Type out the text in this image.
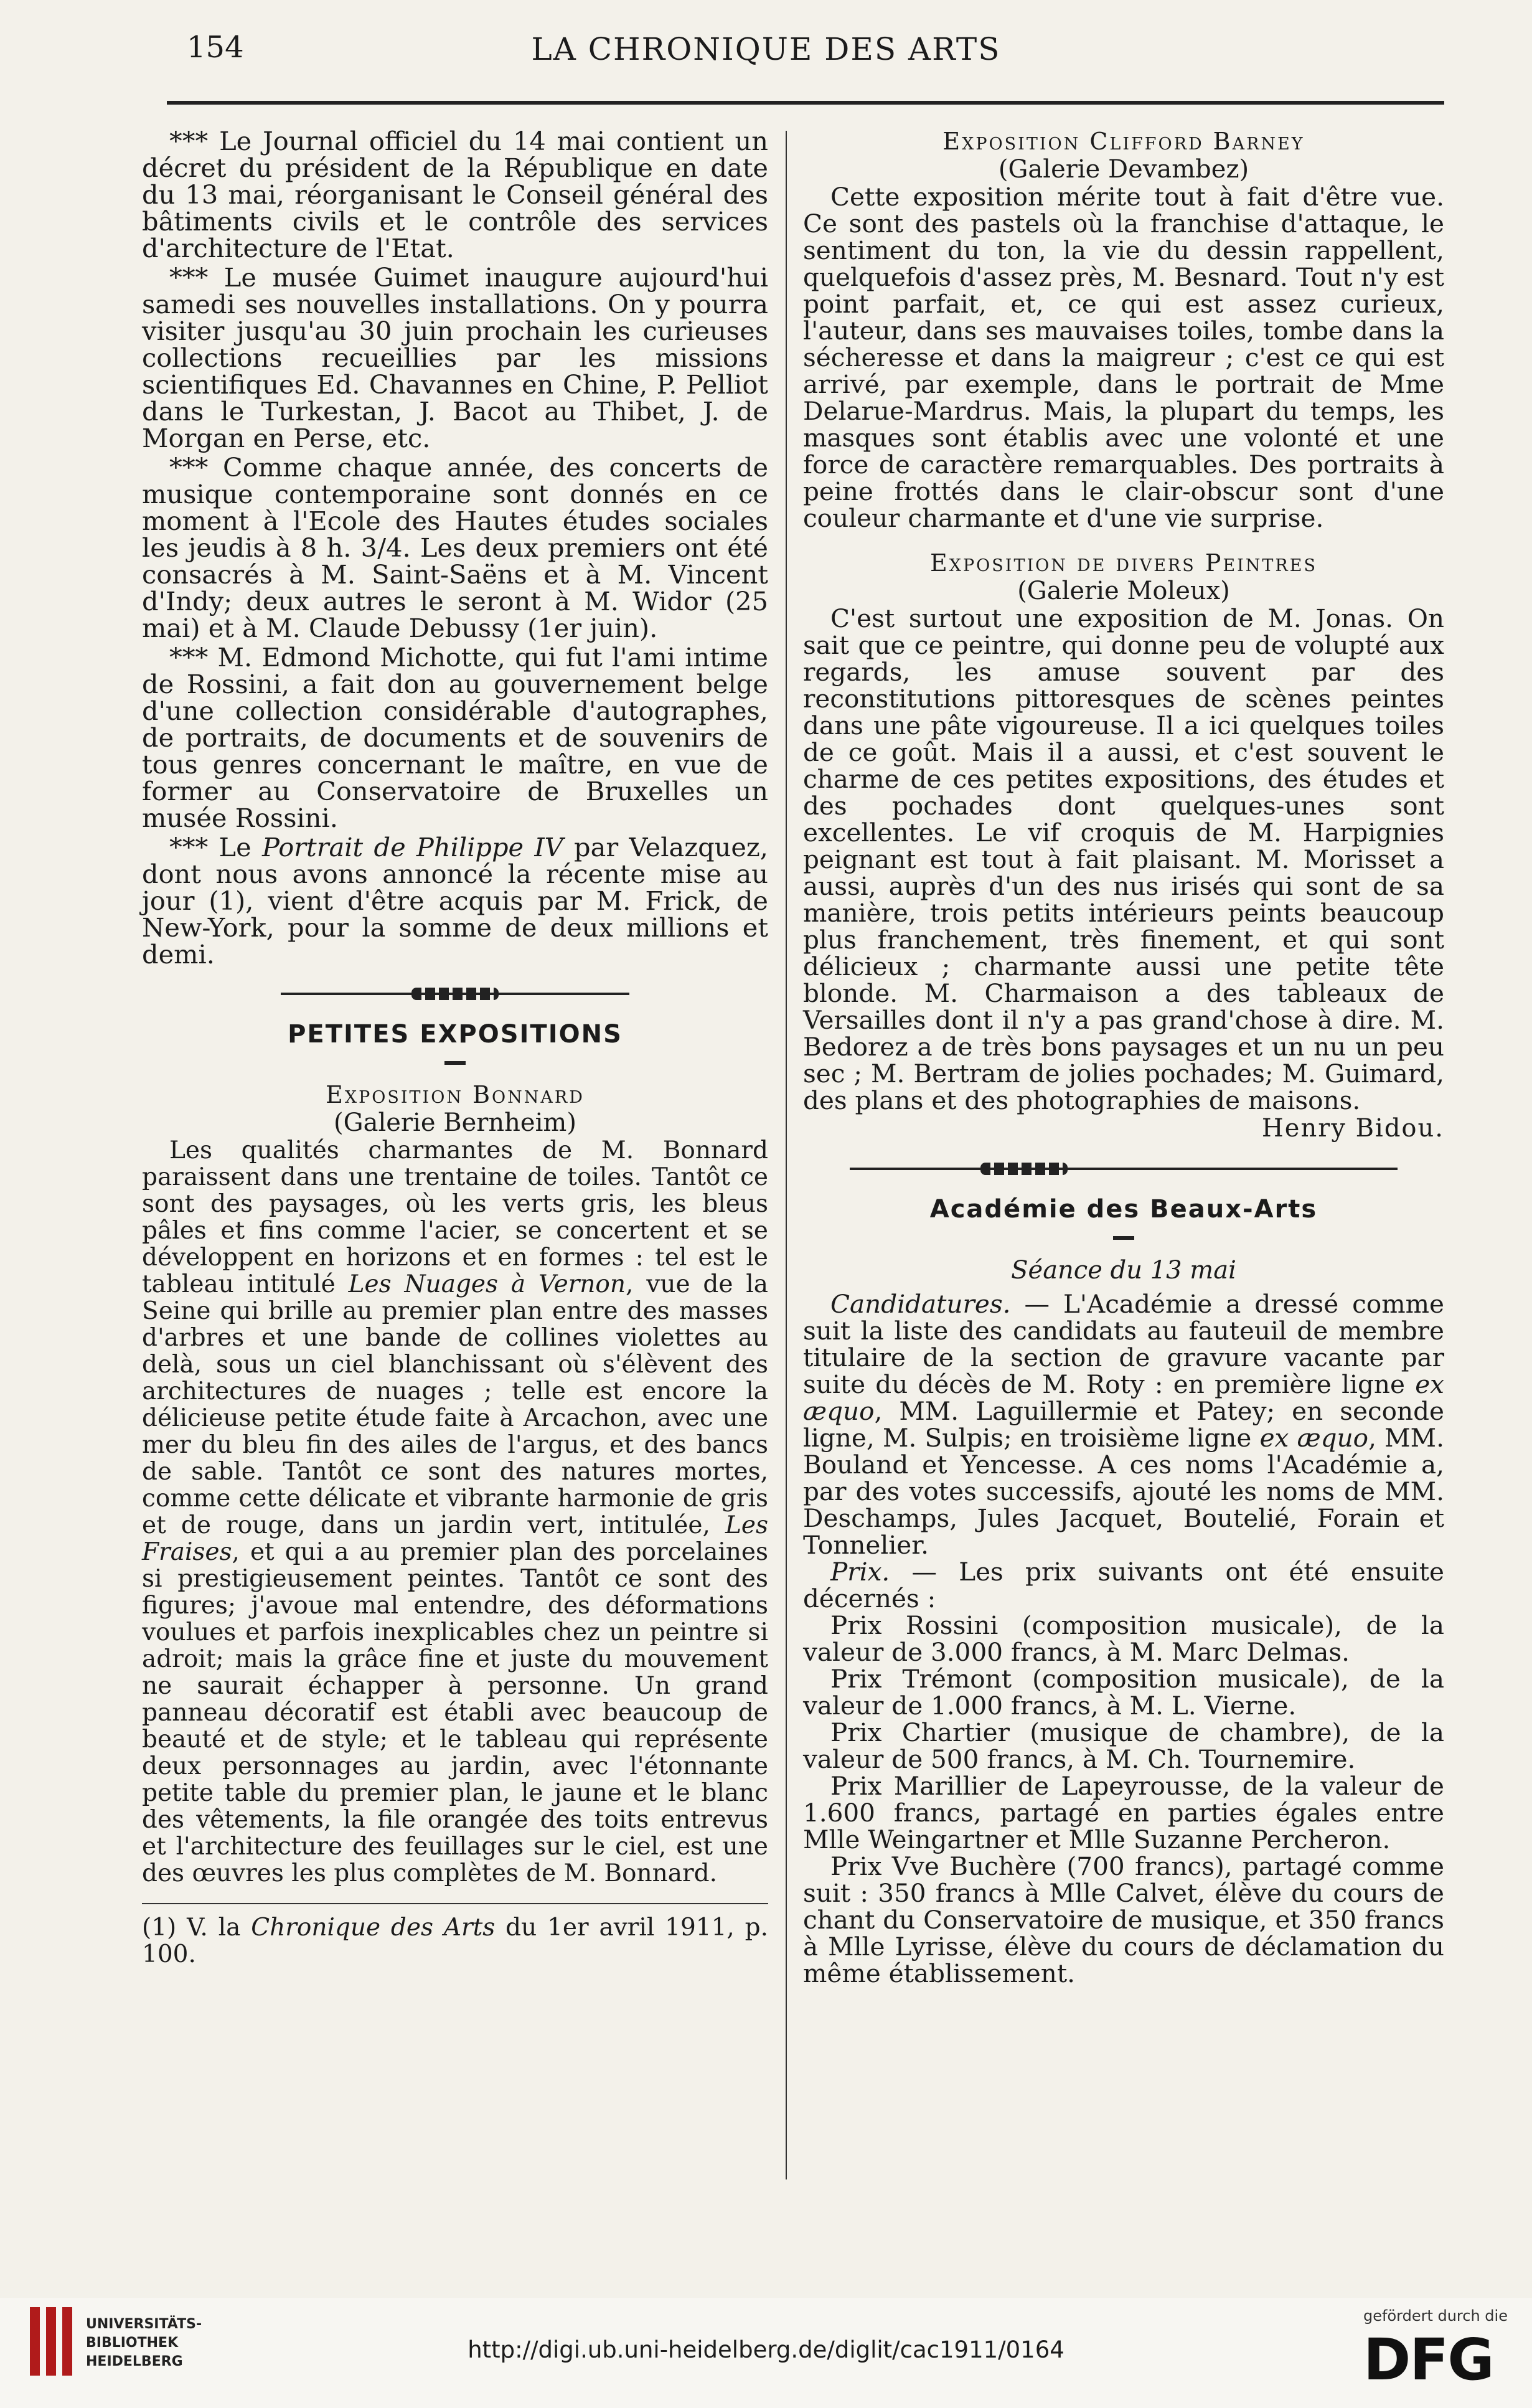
154	LA CHRONIQUE DES ARTS

*** Le Journal officiel du 14 mai contient un décret du président de la République en date du 13 mai, réorganisant le Conseil général des bâtiments civils et le contrôle des services d'architecture de l'Etat.

*** Le musée Guimet inaugure aujourd'hui samedi ses nouvelles installations. On y pourra visiter jusqu'au 30 juin prochain les curieuses collections recueillies par les missions scientifiques Ed. Chavannes en Chine, P. Pelliot dans le Turkestan, J. Bacot au Thibet, J. de Morgan en Perse, etc.

*** Comme chaque année, des concerts de musique contemporaine sont donnés en ce moment à l'Ecole des Hautes études sociales les jeudis à 8 h. 3/4. Les deux premiers ont été consacrés à M. Saint-Saëns et à M. Vincent d'Indy; deux autres le seront à M. Widor (25 mai) et à M. Claude Debussy (1er juin).

*** M. Edmond Michotte, qui fut l'ami intime de Rossini, a fait don au gouvernement belge d'une collection considérable d'autographes, de portraits, de documents et de souvenirs de tous genres concernant le maître, en vue de former au Conservatoire de Bruxelles un musée Rossini.

*** Le Portrait de Philippe IV par Velazquez, dont nous avons annoncé la récente mise au jour (1), vient d'être acquis par M. Frick, de New-York, pour la somme de deux millions et demi.

PETITES EXPOSITIONS
Exposition Bonnard
(Galerie Bernheim)

Les qualités charmantes de M. Bonnard paraissent dans une trentaine de toiles. Tantôt ce sont des paysages, où les verts gris, les bleus pâles et fins comme l'acier, se concertent et se développent en horizons et en formes : tel est le tableau intitulé Les Nuages à Vernon, vue de la Seine qui brille au premier plan entre des masses d'arbres et une bande de collines violettes au delà, sous un ciel blanchissant où s'élèvent des architectures de nuages ; telle est encore la délicieuse petite étude faite à Arcachon, avec une mer du bleu fin des ailes de l'argus, et des bancs de sable. Tantôt ce sont des natures mortes, comme cette délicate et vibrante harmonie de gris et de rouge, dans un jardin vert, intitulée, Les Fraises, et qui a au premier plan des porcelaines si prestigieusement peintes. Tantôt ce sont des figures; j'avoue mal entendre, des déformations voulues et parfois inexplicables chez un peintre si adroit; mais la grâce fine et juste du mouvement ne saurait échapper à personne. Un grand panneau décoratif est établi avec beaucoup de beauté et de style; et le tableau qui représente deux personnages au jardin, avec l'étonnante petite table du premier plan, le jaune et le blanc des vêtements, la file orangée des toits entrevus et l'architecture des feuillages sur le ciel, est une des œuvres les plus complètes de M. Bonnard.

(1) V. la Chronique des Arts du 1er avril 1911, p. 100.

Exposition Clifford Barney
(Galerie Devambez)

Cette exposition mérite tout à fait d'être vue. Ce sont des pastels où la franchise d'attaque, le sentiment du ton, la vie du dessin rappellent, quelquefois d'assez près, M. Besnard. Tout n'y est point parfait, et, ce qui est assez curieux, l'auteur, dans ses mauvaises toiles, tombe dans la sécheresse et dans la maigreur ; c'est ce qui est arrivé, par exemple, dans le portrait de Mme Delarue-Mardrus. Mais, la plupart du temps, les masques sont établis avec une volonté et une force de caractère remarquables. Des portraits à peine frottés dans le clair-obscur sont d'une couleur charmante et d'une vie surprise.

Exposition de divers Peintres
(Galerie Moleux)

C'est surtout une exposition de M. Jonas. On sait que ce peintre, qui donne peu de volupté aux regards, les amuse souvent par des reconstitutions pittoresques de scènes peintes dans une pâte vigoureuse. Il a ici quelques toiles de ce goût. Mais il a aussi, et c'est souvent le charme de ces petites expositions, des études et des pochades dont quelques-unes sont excellentes. Le vif croquis de M. Harpignies peignant est tout à fait plaisant. M. Morisset a aussi, auprès d'un des nus irisés qui sont de sa manière, trois petits intérieurs peints beaucoup plus franchement, très finement, et qui sont délicieux ; charmante aussi une petite tête blonde. M. Charmaison a des tableaux de Versailles dont il n'y a pas grand'chose à dire. M. Bedorez a de très bons paysages et un nu un peu sec ; M. Bertram de jolies pochades; M. Guimard, des plans et des photographies de maisons.

Henry Bidou.
Académie des Beaux-Arts
Séance du 13 mai

Candidatures. — L'Académie a dressé comme suit la liste des candidats au fauteuil de membre titulaire de la section de gravure vacante par suite du décès de M. Roty : en première ligne ex æquo, MM. Laguillermie et Patey; en seconde ligne, M. Sulpis; en troisième ligne ex æquo, MM. Bouland et Yencesse. A ces noms l'Académie a, par des votes successifs, ajouté les noms de MM. Deschamps, Jules Jacquet, Boutelié, Forain et Tonnelier.

Prix. — Les prix suivants ont été ensuite décernés :

Prix Rossini (composition musicale), de la valeur de 3.000 francs, à M. Marc Delmas.

Prix Trémont (composition musicale), de la valeur de 1.000 francs, à M. L. Vierne.

Prix Chartier (musique de chambre), de la valeur de 500 francs, à M. Ch. Tournemire.

Prix Marillier de Lapeyrousse, de la valeur de 1.600 francs, partagé en parties égales entre Mlle Weingartner et Mlle Suzanne Percheron.

Prix Vve Buchère (700 francs), partagé comme suit : 350 francs à Mlle Calvet, élève du cours de chant du Conservatoire de musique, et 350 francs à Mlle Lyrisse, élève du cours de déclamation du même établissement.

UNIVERSITÄTS-
BIBLIOTHEK
HEIDELBERG	http://digi.ub.uni-heidelberg.de/diglit/cac1911/0164
gefördert durch die
DFG
